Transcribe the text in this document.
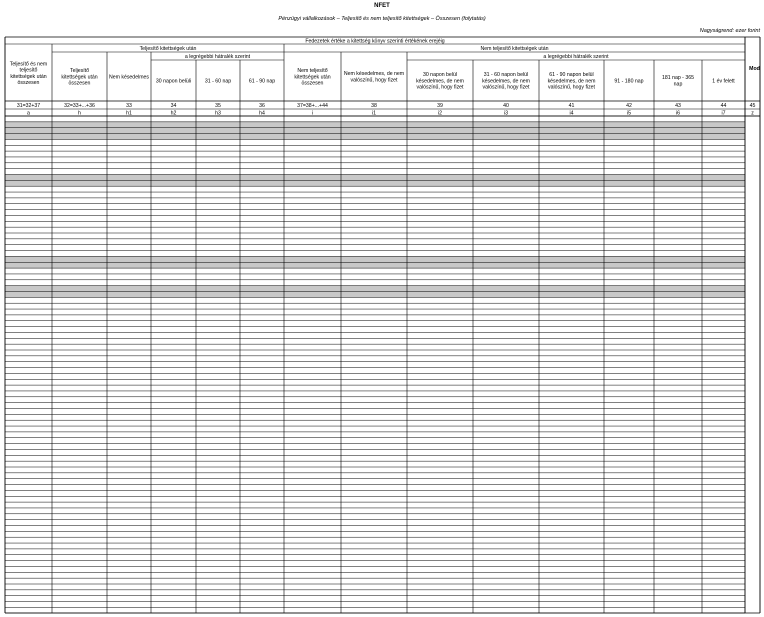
NFET
Pénzügyi vállalkozások – Teljesítő és nem teljesítő kitettségek – Összesen (folytatás)
Nagyságrend: ezer forint
Fedezetek értéke a kitettség könyv szerinti értékének erejéig
Teljesítő kitettségek után	Nem teljesítő kitettségek után
a legrégebbi hátralék szerint	a legrégebbi hátralék szerint
Mod
Teljesítő és nem teljesítő kitettségek után összesen
31=32+37
a
Teljesítő kitettségek után összesen
32=33+...+36
h
Nem késedelmes
33
h1
30 napon belüli
34
h2
31 - 60 nap
35
h3
61 - 90 nap
36
h4
Nem teljesítő kitettségek után összesen
37=38+...+44
i
Nem késedelmes, de nem valószínű, hogy fizet
38
i1
30 napon belül késedelmes, de nem valószínű, hogy fizet
39
i2
31 - 60 napon belül késedelmes, de nem valószínű, hogy fizet
40
i3
61 - 90 napon belül késedelmes, de nem valószínű, hogy fizet
41
i4
91 - 180 nap
42
i5
181 nap - 365 nap
43
i6
1 év felett
44
i7
45
z
